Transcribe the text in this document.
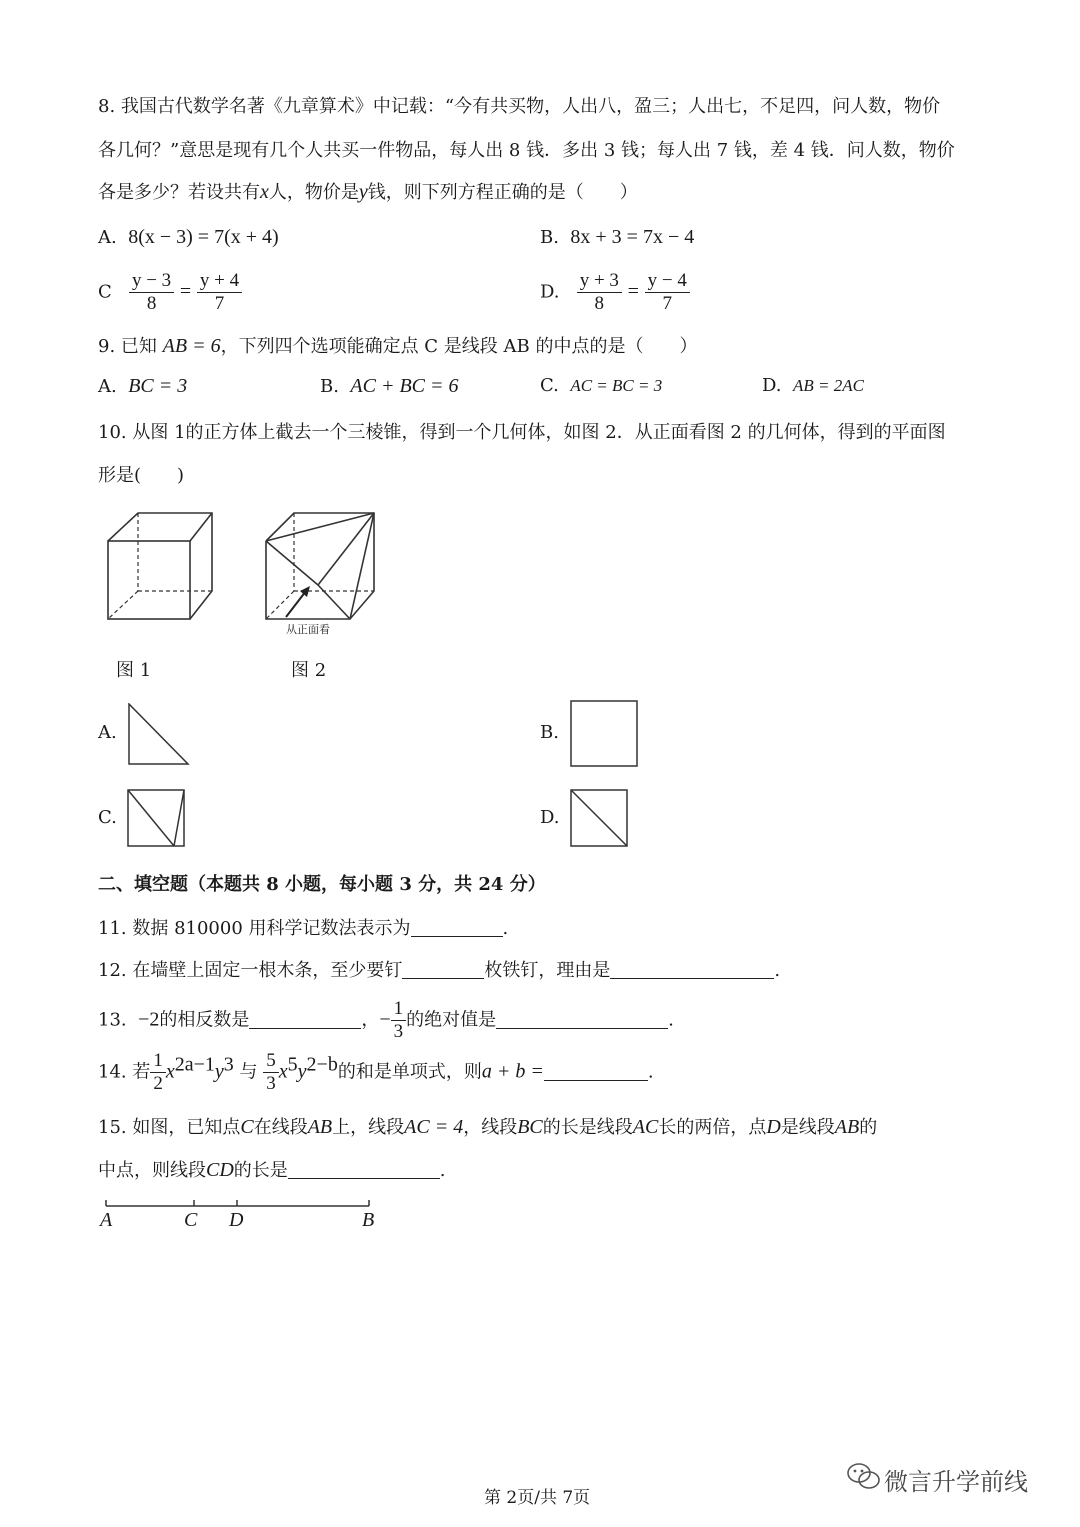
8. 我国古代数学名著《九章算术》中记载：“今有共买物，人出八，盈三；人出七，不足四，问人数，物价
各几何？”意思是现有几个人共买一件物品，每人出 8 钱．多出 3 钱；每人出 7 钱，差 4 钱．问人数，物价
各是多少？若设共有x人，物价是y钱，则下列方程正确的是（　　）
A. 8(x − 3) = 7(x + 4)	B. 8x + 3 = 7x − 4
C $\frac{y - 3}{8} = \frac{y + 4}{7}$	D. $\frac{y + 3}{8} = \frac{y - 4}{7}$
9. 已知 AB = 6，下列四个选项能确定点 C 是线段 AB 的中点的是（　　）
A. BC = 3	B. AC + BC = 6	C. AC = BC = 3	D. AB = 2AC
10. 从图 1的正方体上截去一个三棱锥，得到一个几何体，如图 2．从正面看图 2 的几何体，得到的平面图
形是(　　)
图 1
从正面看
图 2
A.	B.
C.	D.
二、填空题（本题共 8 小题，每小题 3 分，共 24 分）
11. 数据 810000 用科学记数法表示为	.
12. 在墙壁上固定一根木条，至少要钉	枚铁钉，理由是	.
13. −2的相反数是	，− $\frac{1}{3}$ 的绝对值是	.
14. 若 $\frac{1}{2} x^{2a-1}y^3$ 与 $\frac{5}{3} x^5y^{2-b}$的和是单项式，则a + b =	.
15. 如图，已知点C在线段AB上，线段AC = 4，线段BC的长是线段AC长的两倍，点D是线段AB的
中点，则线段CD的长是	.
A	C D	B
第 2页/共 7页
微言升学前线
